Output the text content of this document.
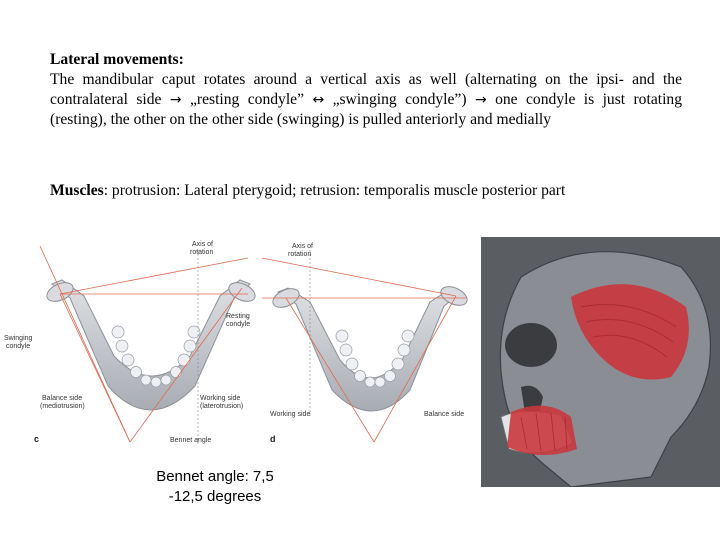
Lateral movements:
The mandibular caput rotates around a vertical axis as well (alternating on the ipsi- and the contralateral side → „resting condyle” ↔ „swinging condyle”) → one condyle is just rotating (resting), the other on the other side (swinging) is pulled anteriorly and medially

Muscles: protrusion: Lateral pterygoid; retrusion: temporalis muscle posterior part
Axis of
rotation
Resting
condyle
Swinging
condyle
Balance side
(mediotrusion)
Working side
(laterotrusion)
Bennet angle
c
Axis of
rotation
Working side	Balance side
d
Bennet angle: 7,5
-12,5 degrees
